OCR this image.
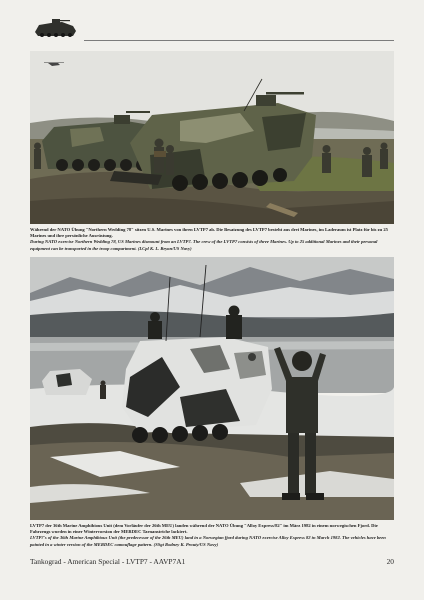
Während der NATO Übung "Northern Wedding 78" sitzen U.S. Marines von ihren LVTP7 ab. Die Besatzung des LVTP7 besteht aus drei Marines, im Laderaum ist Platz für bis zu 25 Marines und ihre persönliche Ausrüstung.

During NATO exercise Northern Wedding 78, US Marines dismount from an LVTP7. The crew of the LVTP7 consists of three Marines. Up to 25 additional Marines and their personal equipment can be transported in the troop compartment. (LCpl K. L. Bryan/US Navy)

LVTP7 der 36th Marine Amphibious Unit (dem Vorläufer der 26th MEU) landen während der NATO Übung "Alloy Express/82" im März 1982 in einem norwegischen Fjord. Die Fahrzeugs wurden in einer Wintervorsion der MERDEC Tarnanstriche lackiert.

LVTP7's of the 36th Marine Amphibious Unit (the predecessor of the 26th MEU) land in a Norwegian fjord during NATO exercise Alloy Express 82 in March 1982. The vehicles have been painted in a winter version of the MERDEC camouflage pattern. (SSgt Rodney K. Prouty/US Navy)

Tankograd - American Special - LVTP7 - AAVP7A1	20
